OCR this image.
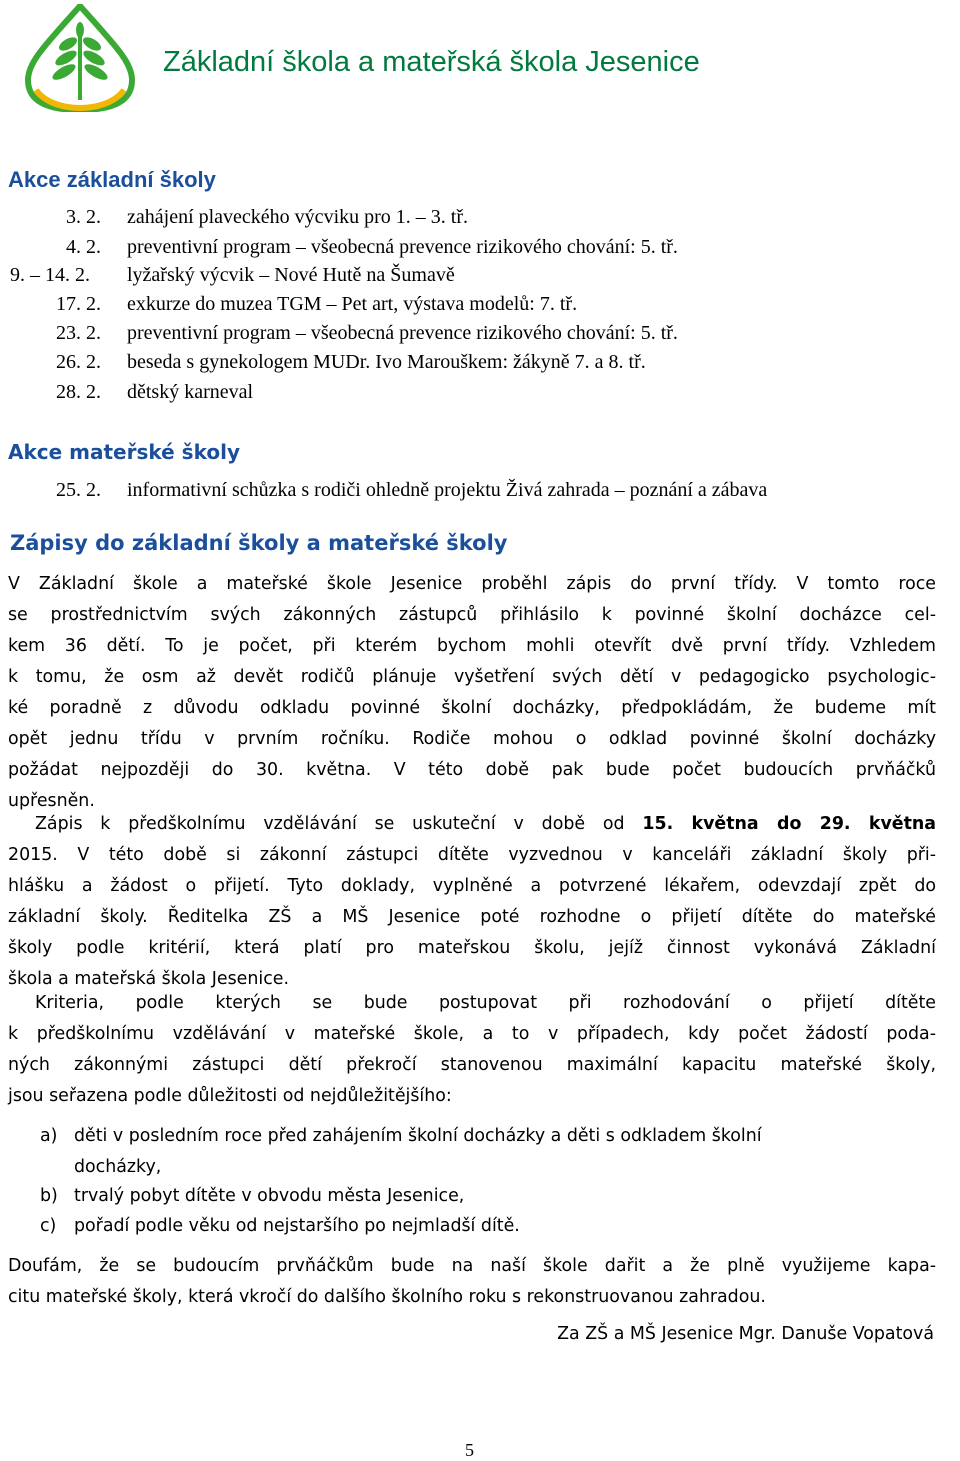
Základní škola a mateřská škola Jesenice
Akce základní školy
3. 2. zahájení plaveckého výcviku pro 1. – 3. tř.
4. 2. preventivní program – všeobecná prevence rizikového chování: 5. tř.
9. – 14. 2. lyžařský výcvik – Nové Hutě na Šumavě
17. 2. exkurze do muzea TGM – Pet art, výstava modelů: 7. tř.
23. 2. preventivní program – všeobecná prevence rizikového chování: 5. tř.
26. 2. beseda s gynekologem MUDr. Ivo Marouškem: žákyně 7. a 8. tř.
28. 2. dětský karneval
Akce mateřské školy
25. 2. informativní schůzka s rodiči ohledně projektu Živá zahrada – poznání a zábava
Zápisy do základní školy a mateřské školy
V Základní škole a mateřské škole Jesenice proběhl zápis do první třídy. V tomto roce
se prostřednictvím svých zákonných zástupců přihlásilo k povinné školní docházce cel-
kem 36 dětí. To je počet, při kterém bychom mohli otevřít dvě první třídy. Vzhledem
k tomu, že osm až devět rodičů plánuje vyšetření svých dětí v pedagogicko psychologic-
ké poradně z důvodu odkladu povinné školní docházky, předpokládám, že budeme mít
opět jednu třídu v prvním ročníku. Rodiče mohou o odklad povinné školní docházky
požádat nejpozději do 30. května. V této době pak bude počet budoucích prvňáčků
upřesněn.
Zápis k předškolnímu vzdělávání se uskuteční v době od 15. května do 29. května
2015. V této době si zákonní zástupci dítěte vyzvednou v kanceláři základní školy při-
hlášku a žádost o přijetí. Tyto doklady, vyplněné a potvrzené lékařem, odevzdají zpět do
základní školy. Ředitelka ZŠ a MŠ Jesenice poté rozhodne o přijetí dítěte do mateřské
školy podle kritérií, která platí pro mateřskou školu, jejíž činnost vykonává Základní
škola a mateřská škola Jesenice.
Kriteria, podle kterých se bude postupovat při rozhodování o přijetí dítěte
k předškolnímu vzdělávání v mateřské škole, a to v případech, kdy počet žádostí poda-
ných zákonnými zástupci dětí překročí stanovenou maximální kapacitu mateřské školy,
jsou seřazena podle důležitosti od nejdůležitějšího:
a) děti v posledním roce před zahájením školní docházky a děti s odkladem školní
docházky,
b) trvalý pobyt dítěte v obvodu města Jesenice,
c) pořadí podle věku od nejstaršího po nejmladší dítě.
Doufám, že se budoucím prvňáčkům bude na naší škole dařit a že plně využijeme kapa-
citu mateřské školy, která vkročí do dalšího školního roku s rekonstruovanou zahradou.
Za ZŠ a MŠ Jesenice Mgr. Danuše Vopatová
5
